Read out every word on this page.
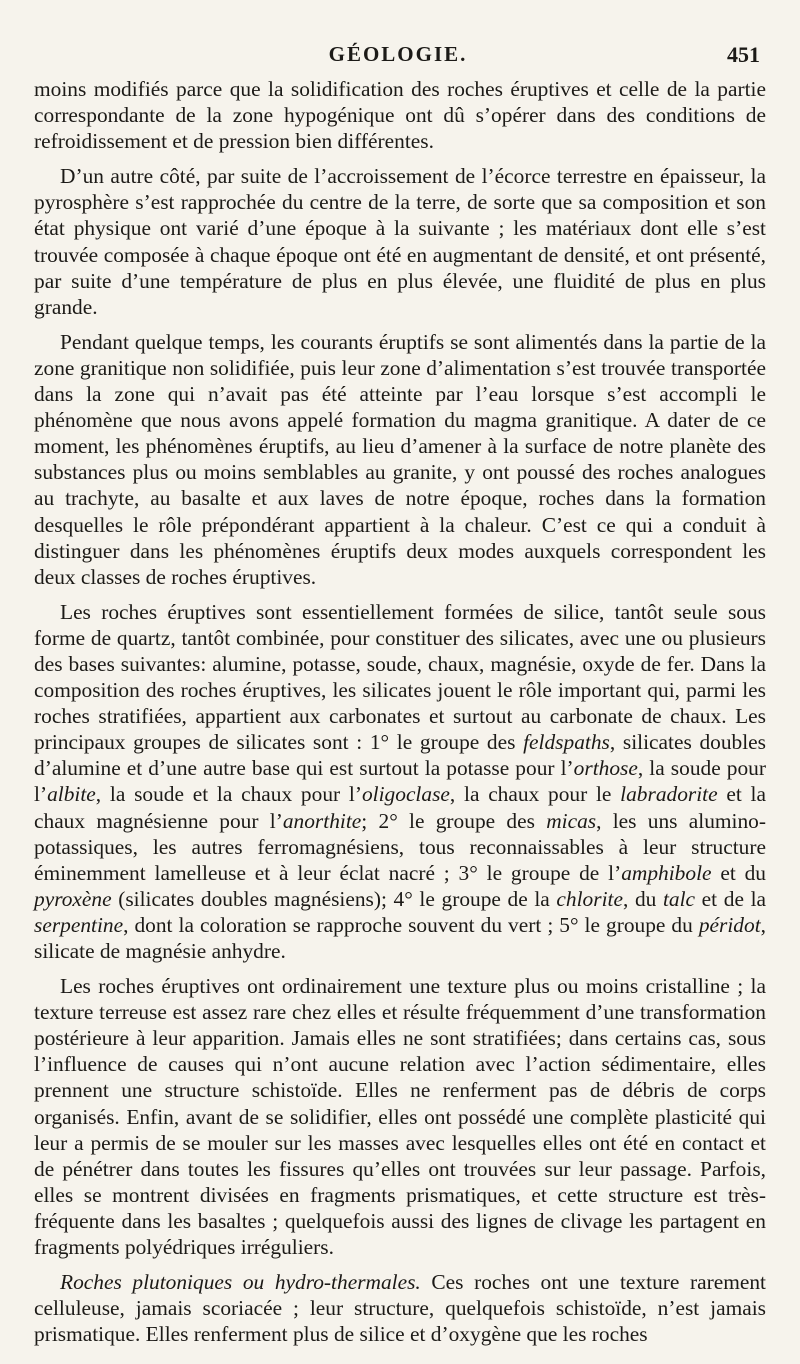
GÉOLOGIE.	451

moins modifiés parce que la solidification des roches éruptives et celle de la partie correspondante de la zone hypogénique ont dû s’opérer dans des conditions de refroidissement et de pression bien différentes.

D’un autre côté, par suite de l’accroissement de l’écorce terrestre en épaisseur, la pyrosphère s’est rapprochée du centre de la terre, de sorte que sa composition et son état physique ont varié d’une époque à la suivante ; les matériaux dont elle s’est trouvée composée à chaque époque ont été en augmentant de densité, et ont présenté, par suite d’une température de plus en plus élevée, une fluidité de plus en plus grande.

Pendant quelque temps, les courants éruptifs se sont alimentés dans la partie de la zone granitique non solidifiée, puis leur zone d’alimentation s’est trouvée transportée dans la zone qui n’avait pas été atteinte par l’eau lorsque s’est accompli le phénomène que nous avons appelé formation du magma granitique. A dater de ce moment, les phénomènes éruptifs, au lieu d’amener à la surface de notre planète des substances plus ou moins semblables au granite, y ont poussé des roches analogues au trachyte, au basalte et aux laves de notre époque, roches dans la formation desquelles le rôle prépondérant appartient à la chaleur. C’est ce qui a conduit à distinguer dans les phénomènes éruptifs deux modes auxquels correspondent les deux classes de roches éruptives.

Les roches éruptives sont essentiellement formées de silice, tantôt seule sous forme de quartz, tantôt combinée, pour constituer des silicates, avec une ou plusieurs des bases suivantes: alumine, potasse, soude, chaux, magnésie, oxyde de fer. Dans la composition des roches éruptives, les silicates jouent le rôle important qui, parmi les roches stratifiées, appartient aux carbonates et surtout au carbonate de chaux. Les principaux groupes de silicates sont : 1° le groupe des feldspaths, silicates doubles d’alumine et d’une autre base qui est surtout la potasse pour l’orthose, la soude pour l’albite, la soude et la chaux pour l’oligoclase, la chaux pour le labradorite et la chaux magnésienne pour l’anorthite; 2° le groupe des micas, les uns alumino-potassiques, les autres ferromagnésiens, tous reconnaissables à leur structure éminemment lamelleuse et à leur éclat nacré ; 3° le groupe de l’amphibole et du pyroxène (silicates doubles magnésiens); 4° le groupe de la chlorite, du talc et de la serpentine, dont la coloration se rapproche souvent du vert ; 5° le groupe du péridot, silicate de magnésie anhydre.

Les roches éruptives ont ordinairement une texture plus ou moins cristalline ; la texture terreuse est assez rare chez elles et résulte fréquemment d’une transformation postérieure à leur apparition. Jamais elles ne sont stratifiées; dans certains cas, sous l’influence de causes qui n’ont aucune relation avec l’action sédimentaire, elles prennent une structure schistoïde. Elles ne renferment pas de débris de corps organisés. Enfin, avant de se solidifier, elles ont possédé une complète plasticité qui leur a permis de se mouler sur les masses avec lesquelles elles ont été en contact et de pénétrer dans toutes les fissures qu’elles ont trouvées sur leur passage. Parfois, elles se montrent divisées en fragments prismatiques, et cette structure est très-fréquente dans les basaltes ; quelquefois aussi des lignes de clivage les partagent en fragments polyédriques irréguliers.

Roches plutoniques ou hydro-thermales. Ces roches ont une texture rarement celluleuse, jamais scoriacée ; leur structure, quelquefois schistoïde, n’est jamais prismatique. Elles renferment plus de silice et d’oxygène que les roches
